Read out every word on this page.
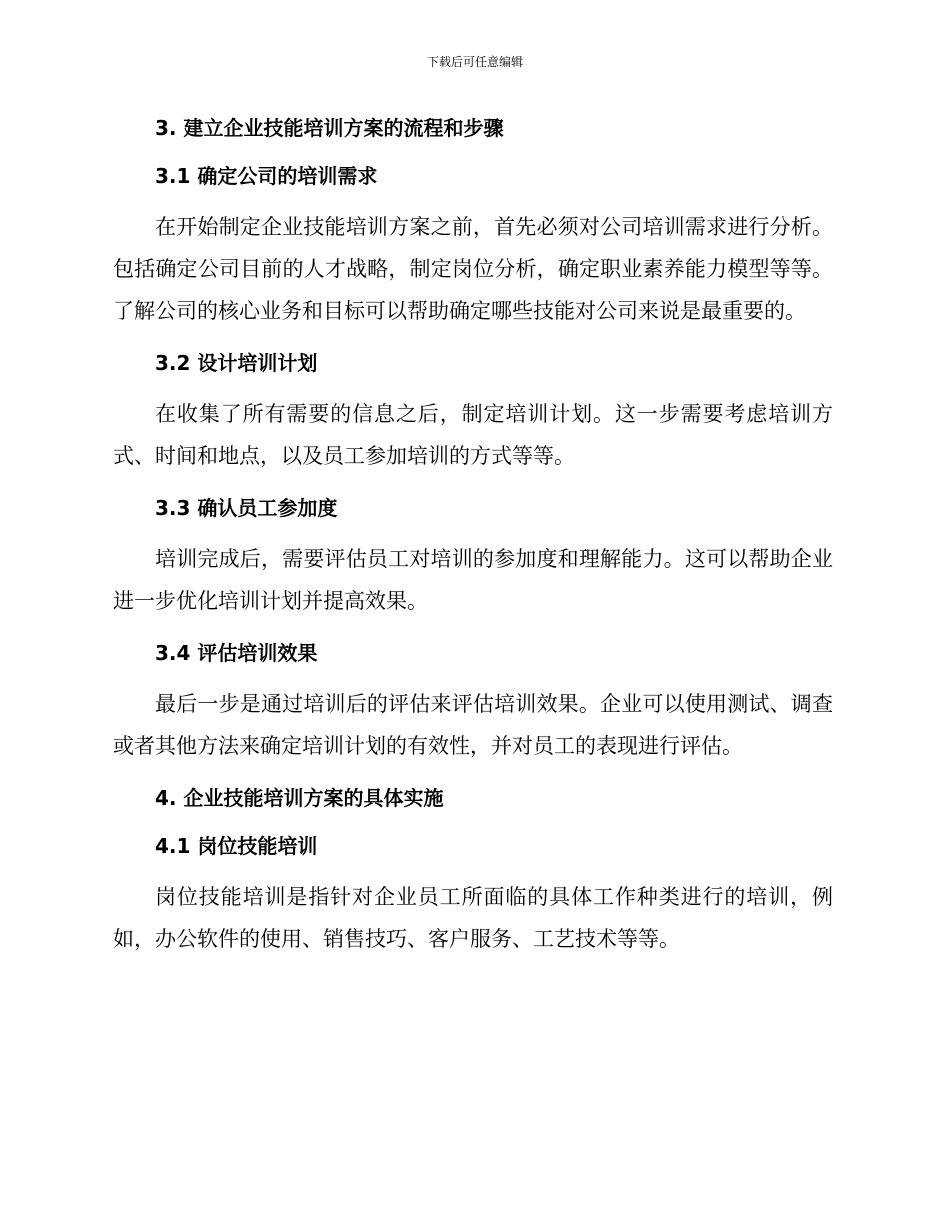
下载后可任意编辑
3. 建立企业技能培训方案的流程和步骤
3.1 确定公司的培训需求

在开始制定企业技能培训方案之前，首先必须对公司培训需求进行分析。包括确定公司目前的人才战略，制定岗位分析，确定职业素养能力模型等等。了解公司的核心业务和目标可以帮助确定哪些技能对公司来说是最重要的。

3.2 设计培训计划

在收集了所有需要的信息之后，制定培训计划。这一步需要考虑培训方式、时间和地点，以及员工参加培训的方式等等。

3.3 确认员工参加度

培训完成后，需要评估员工对培训的参加度和理解能力。这可以帮助企业进一步优化培训计划并提高效果。

3.4 评估培训效果

最后一步是通过培训后的评估来评估培训效果。企业可以使用测试、调查或者其他方法来确定培训计划的有效性，并对员工的表现进行评估。

4. 企业技能培训方案的具体实施
4.1 岗位技能培训

岗位技能培训是指针对企业员工所面临的具体工作种类进行的培训，例如，办公软件的使用、销售技巧、客户服务、工艺技术等等。
